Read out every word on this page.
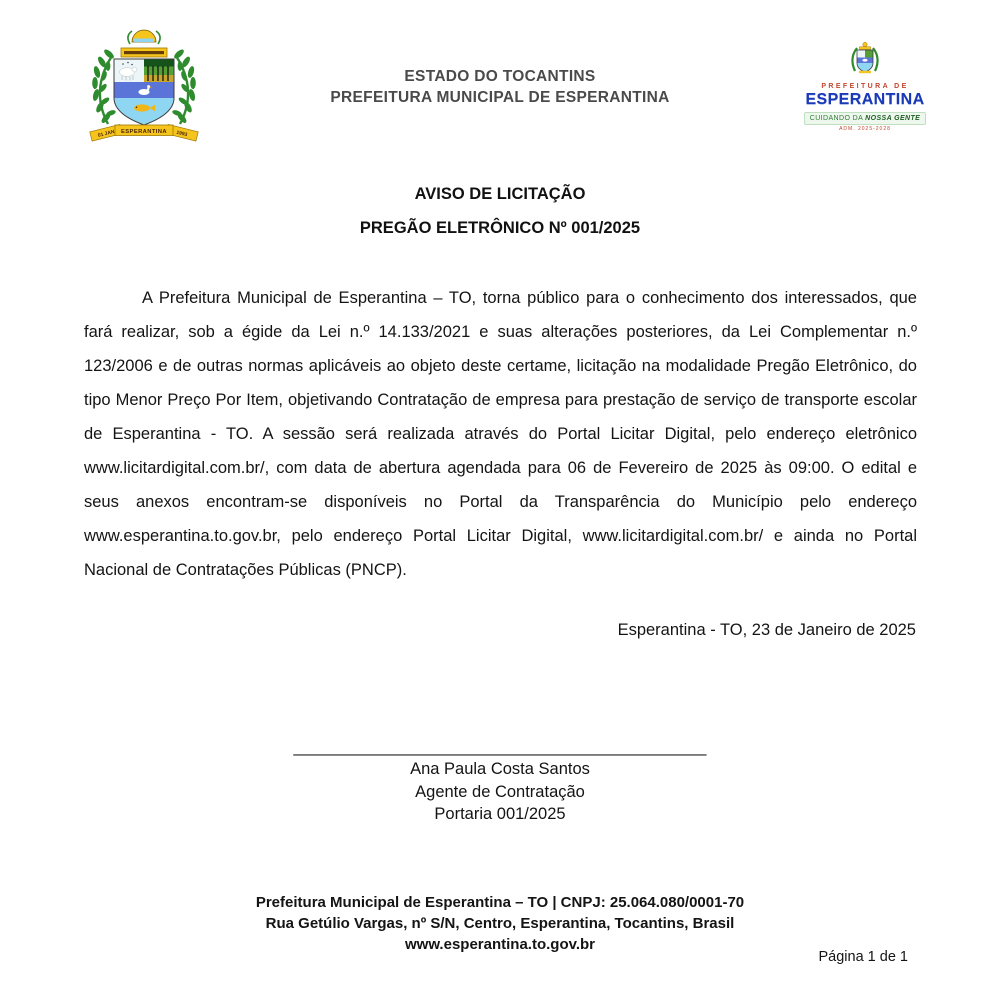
01 JAN	1993
ESPERANTINA
ESTADO DO TOCANTINS
PREFEITURA MUNICIPAL DE ESPERANTINA
PREFEITURA DE
ESPERANTINA
CUIDANDO DA NOSSA GENTE
ADM. 2025-2028
AVISO DE LICITAÇÃO
PREGÃO ELETRÔNICO Nº 001/2025

A Prefeitura Municipal de Esperantina – TO, torna público para o conhecimento dos interessados, que fará realizar, sob a égide da Lei n.º 14.133/2021 e suas alterações posteriores, da Lei Complementar n.º 123/2006 e de outras normas aplicáveis ao objeto deste certame, licitação na modalidade Pregão Eletrônico, do tipo Menor Preço Por Item, objetivando Contratação de empresa para prestação de serviço de transporte escolar de Esperantina - TO. A sessão será realizada através do Portal Licitar Digital, pelo endereço eletrônico www.licitardigital.com.br/, com data de abertura agendada para 06 de Fevereiro de 2025 às 09:00. O edital e seus anexos encontram-se disponíveis no Portal da Transparência do Município pelo endereço www.esperantina.to.gov.br, pelo endereço Portal Licitar Digital, www.licitardigital.com.br/ e ainda no Portal Nacional de Contratações Públicas (PNCP).

Esperantina - TO, 23 de Janeiro de 2025
_____________________________________________
Ana Paula Costa Santos
Agente de Contratação
Portaria 001/2025
Prefeitura Municipal de Esperantina – TO | CNPJ: 25.064.080/0001-70
Rua Getúlio Vargas, nº S/N, Centro, Esperantina, Tocantins, Brasil
www.esperantina.to.gov.br
Página 1 de 1
